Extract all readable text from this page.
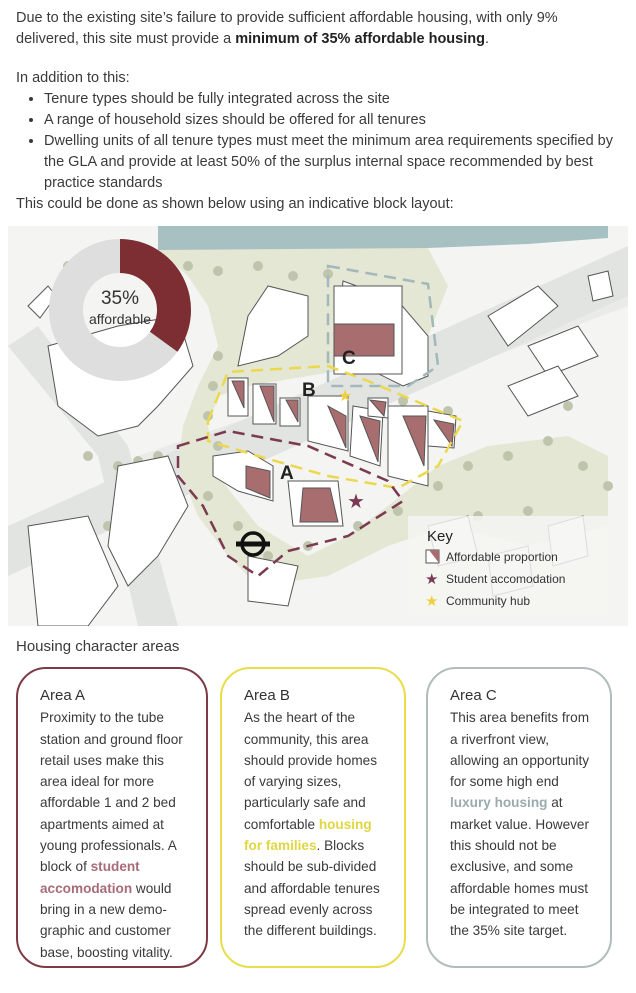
Due to the existing site’s failure to provide sufficient affordable housing, with only 9% delivered, this site must provide a minimum of 35% affordable housing.

In addition to this:

• Tenure types should be fully integrated across the site
• A range of household sizes should be offered for all tenures
• Dwelling units of all tenure types must meet the minimum area requirements specified by the GLA and provide at least 50% of the surplus internal space recommended by best practice standards

This could be done as shown below using an indicative block layout:

A
B
C
★
★
35%
affordable
Key
Affordable proportion
★ Student accomodation
★ Community hub
Housing character areas
Area A

Proximity to the tube station and ground floor retail uses make this area ideal for more affordable 1 and 2 bed apartments aimed at young professionals. A block of student accomodation would bring in a new demo-graphic and customer base, boosting vitality.

Area B

As the heart of the community, this area should provide homes of varying sizes, particularly safe and comfortable housing for families. Blocks should be sub-divided and affordable tenures spread evenly across the different buildings.

Area C

This area benefits from a riverfront view, allowing an opportunity for some high end luxury housing at market value. However this should not be exclusive, and some affordable homes must be integrated to meet the 35% site target.
